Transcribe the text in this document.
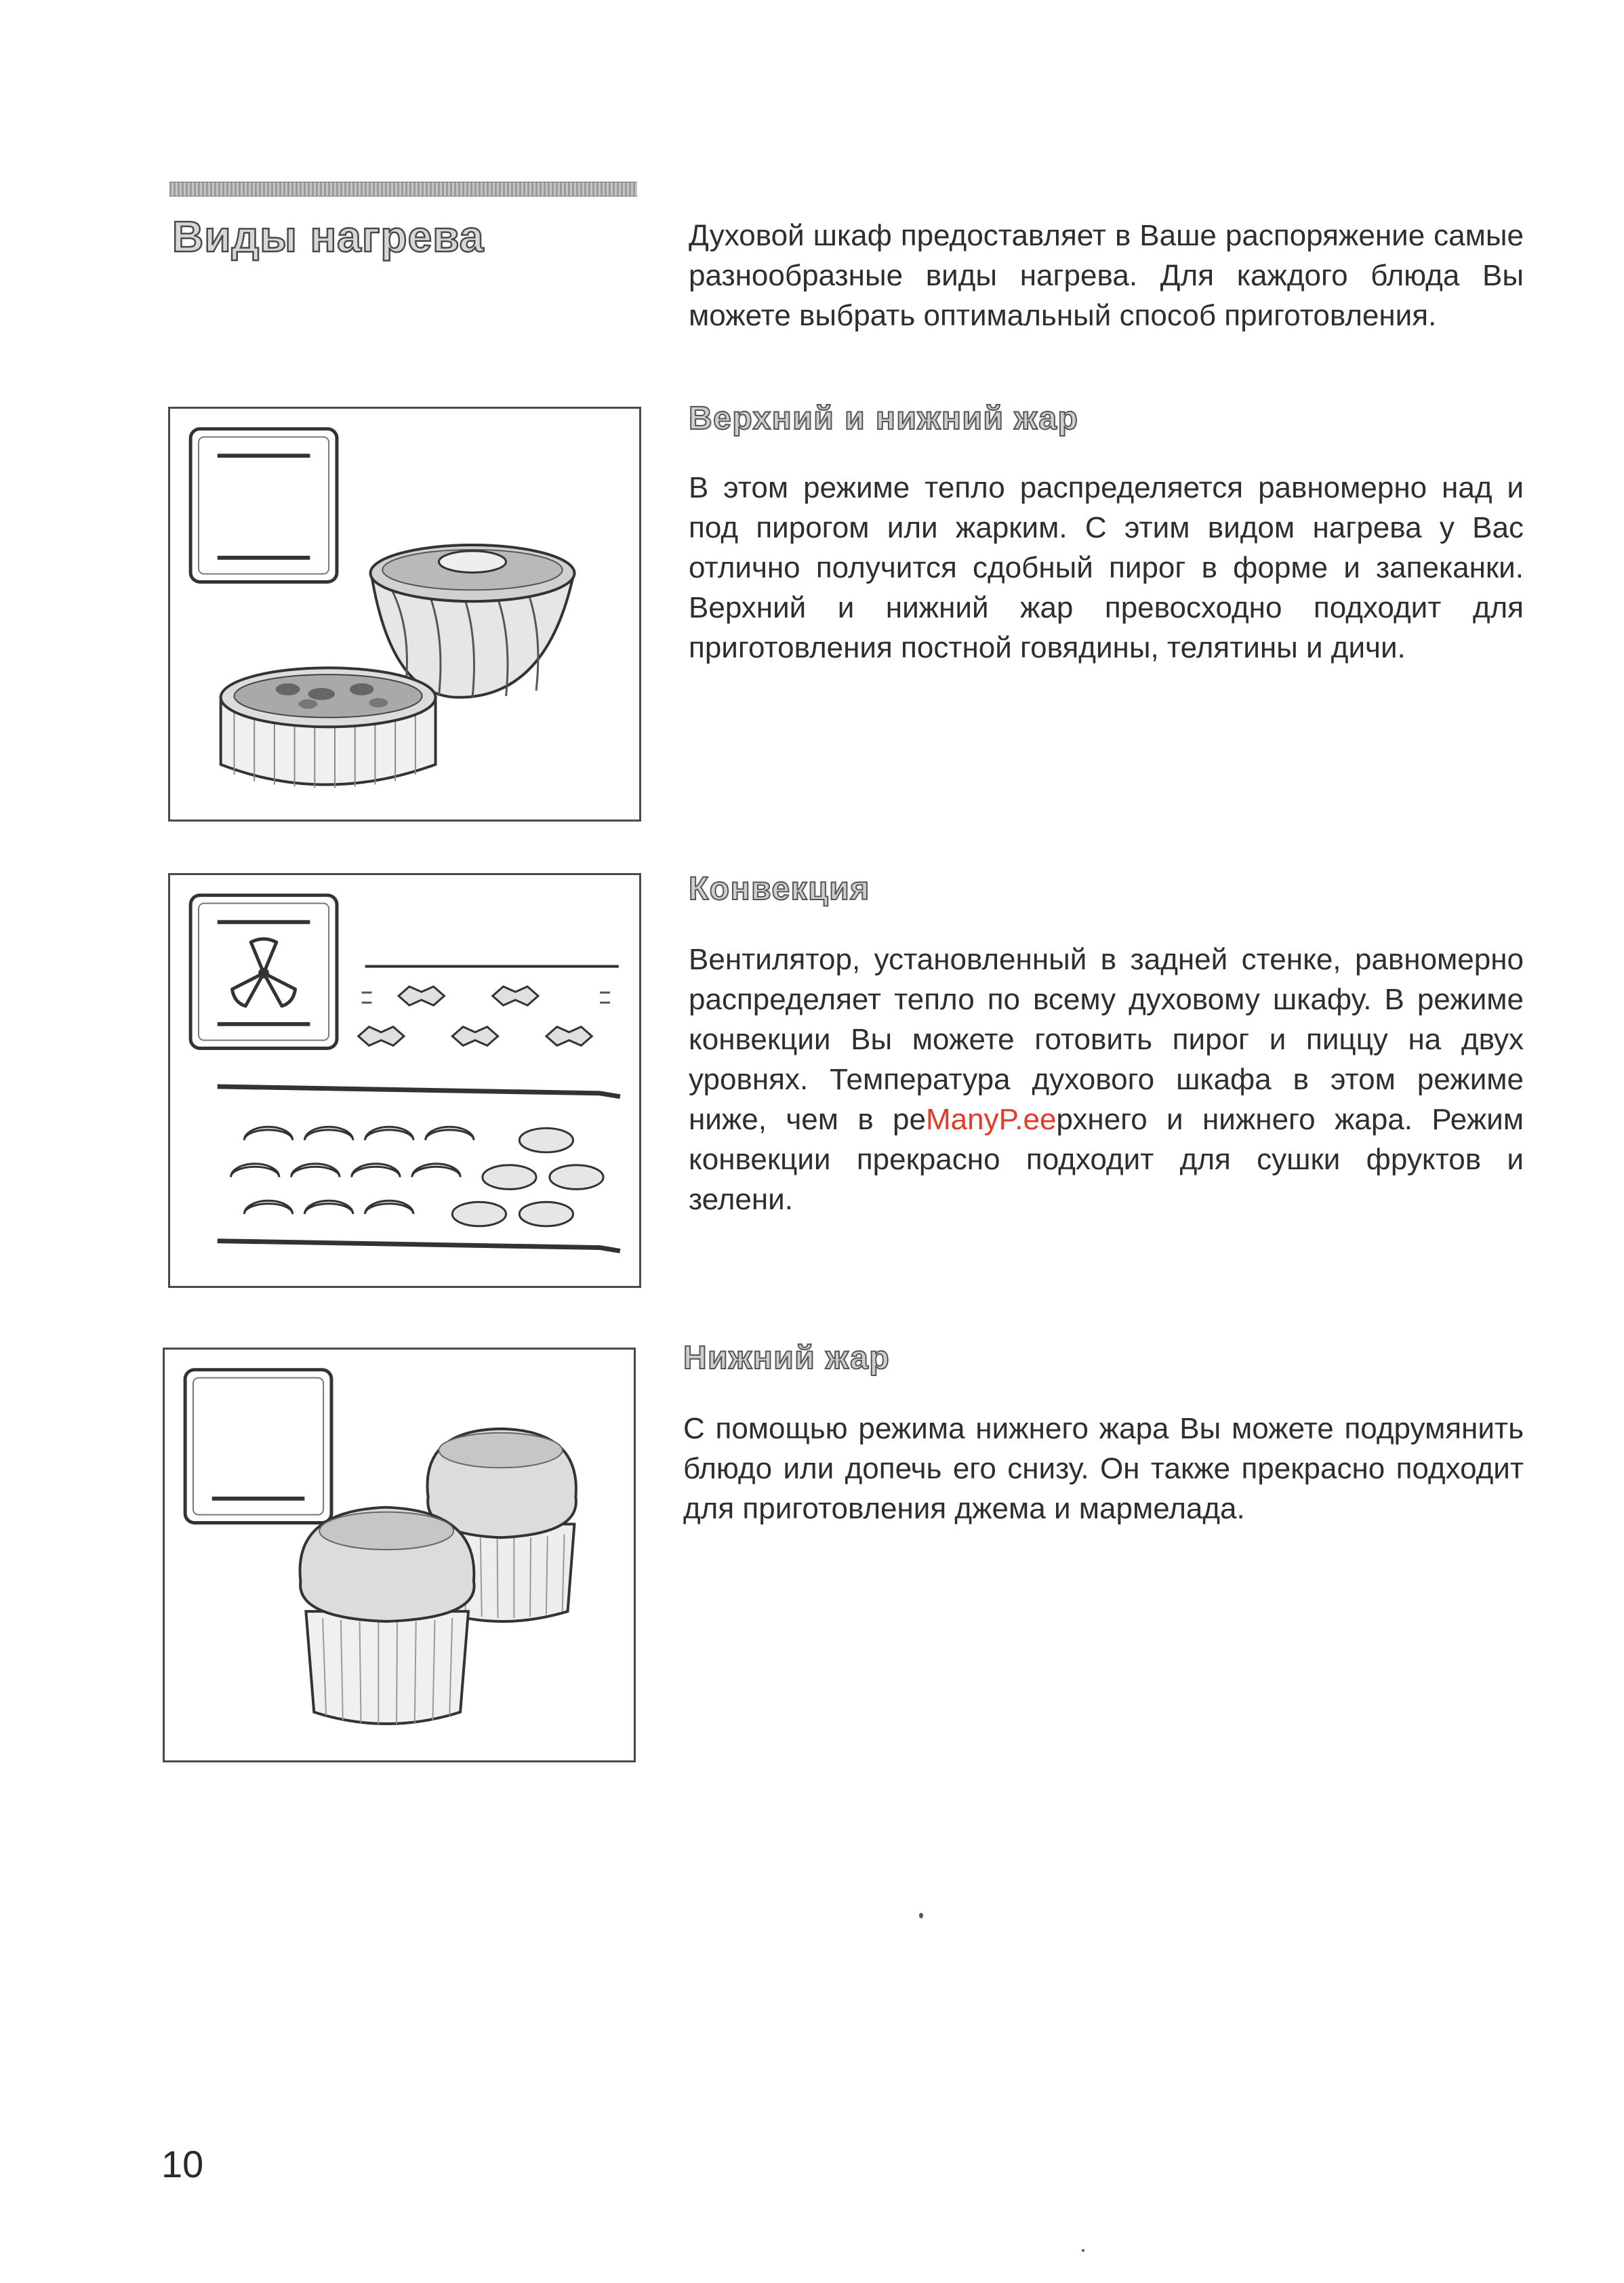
Виды нагрева	Духовой шкаф предоставляет в Ваше распоряжение самые разнообразные виды нагрева. Для каждого блюда Вы можете выбрать оптимальный способ приготовления.

Верхний и нижний жар

В этом режиме тепло распределяется равномерно над и под пирогом или жарким. С этим видом нагрева у Вас отлично получится сдобный пирог в форме и запеканки. Верхний и нижний жар превосходно подходит для приготовления постной говядины, телятины и дичи.

Конвекция

Вентилятор, установленный в задней стенке, равномерно распределяет тепло по всему духовому шкафу. В режиме конвекции Вы можете готовить пирог и пиццу на двух уровнях. Температура духового шкафа в этом режиме ниже, чем в реManyP.eeрхнего и нижнего жара. Режим конвекции прекрасно подходит для сушки фруктов и зелени.

Нижний жар

С помощью режима нижнего жара Вы можете подрумянить блюдо или допечь его снизу. Он также прекрасно подходит для приготовления джема и мармелада.

10
